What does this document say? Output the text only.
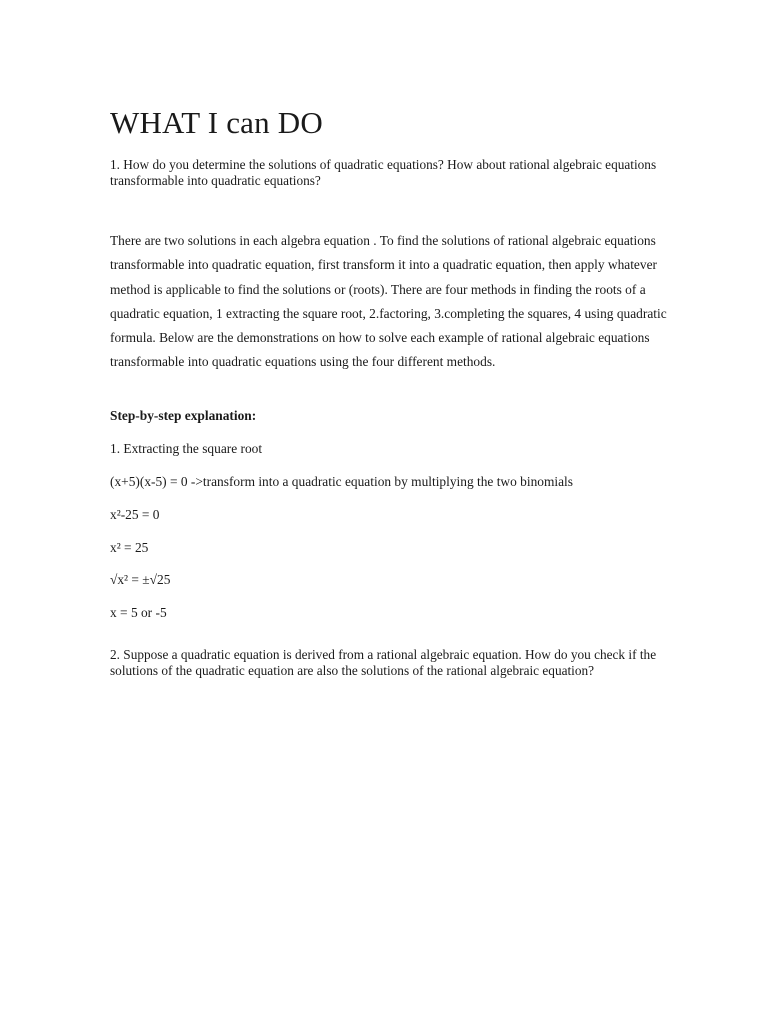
WHAT I can DO

1. How do you determine the solutions of quadratic equations? How about rational algebraic equations transformable into quadratic equations?

There are two solutions in each algebra equation . To find the solutions of rational algebraic equations transformable into quadratic equation, first transform it into a quadratic equation, then apply whatever method is applicable to find the solutions or (roots). There are four methods in finding the roots of a quadratic equation, 1 extracting the square root, 2.factoring, 3.completing the squares, 4 using quadratic formula. Below are the demonstrations on how to solve each example of rational algebraic equations transformable into quadratic equations using the four different methods.

Step-by-step explanation:

1. Extracting the square root

(x+5)(x-5) = 0 ->transform into a quadratic equation by multiplying the two binomials

x²-25 = 0

x² = 25

√x² = ±√25

x = 5 or -5

2. Suppose a quadratic equation is derived from a rational algebraic equation. How do you check if the solutions of the quadratic equation are also the solutions of the rational algebraic equation?
